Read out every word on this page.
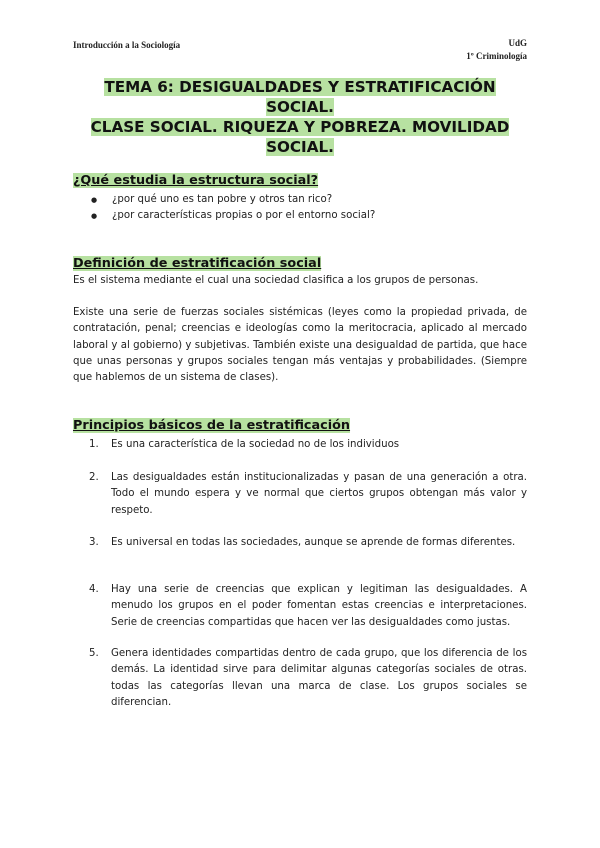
Introducción a la Sociología	UdG
1º Criminología
TEMA 6: DESIGUALDADES Y ESTRATIFICACIÓN SOCIAL.
CLASE SOCIAL. RIQUEZA Y POBREZA. MOVILIDAD
SOCIAL.
¿Qué estudia la estructura social?
● ¿por qué uno es tan pobre y otros tan rico?
● ¿por características propias o por el entorno social?
Definición de estratificación social
Es el sistema mediante el cual una sociedad clasifica a los grupos de personas.
Existe una serie de fuerzas sociales sistémicas (leyes como la propiedad privada, de contratación, penal; creencias e ideologías como la meritocracia, aplicado al mercado laboral y al gobierno) y subjetivas. También existe una desigualdad de partida, que hace que unas personas y grupos sociales tengan más ventajas y probabilidades. (Siempre que hablemos de un sistema de clases).
Principios básicos de la estratificación
1. Es una característica de la sociedad no de los individuos
2. Las desigualdades están institucionalizadas y pasan de una generación a otra. Todo el mundo espera y ve normal que ciertos grupos obtengan más valor y respeto.
3. Es universal en todas las sociedades, aunque se aprende de formas diferentes.
4. Hay una serie de creencias que explican y legitiman las desigualdades. A menudo los grupos en el poder fomentan estas creencias e interpretaciones. Serie de creencias compartidas que hacen ver las desigualdades como justas.
5. Genera identidades compartidas dentro de cada grupo, que los diferencia de los demás. La identidad sirve para delimitar algunas categorías sociales de otras. todas las categorías llevan una marca de clase. Los grupos sociales se diferencian.
